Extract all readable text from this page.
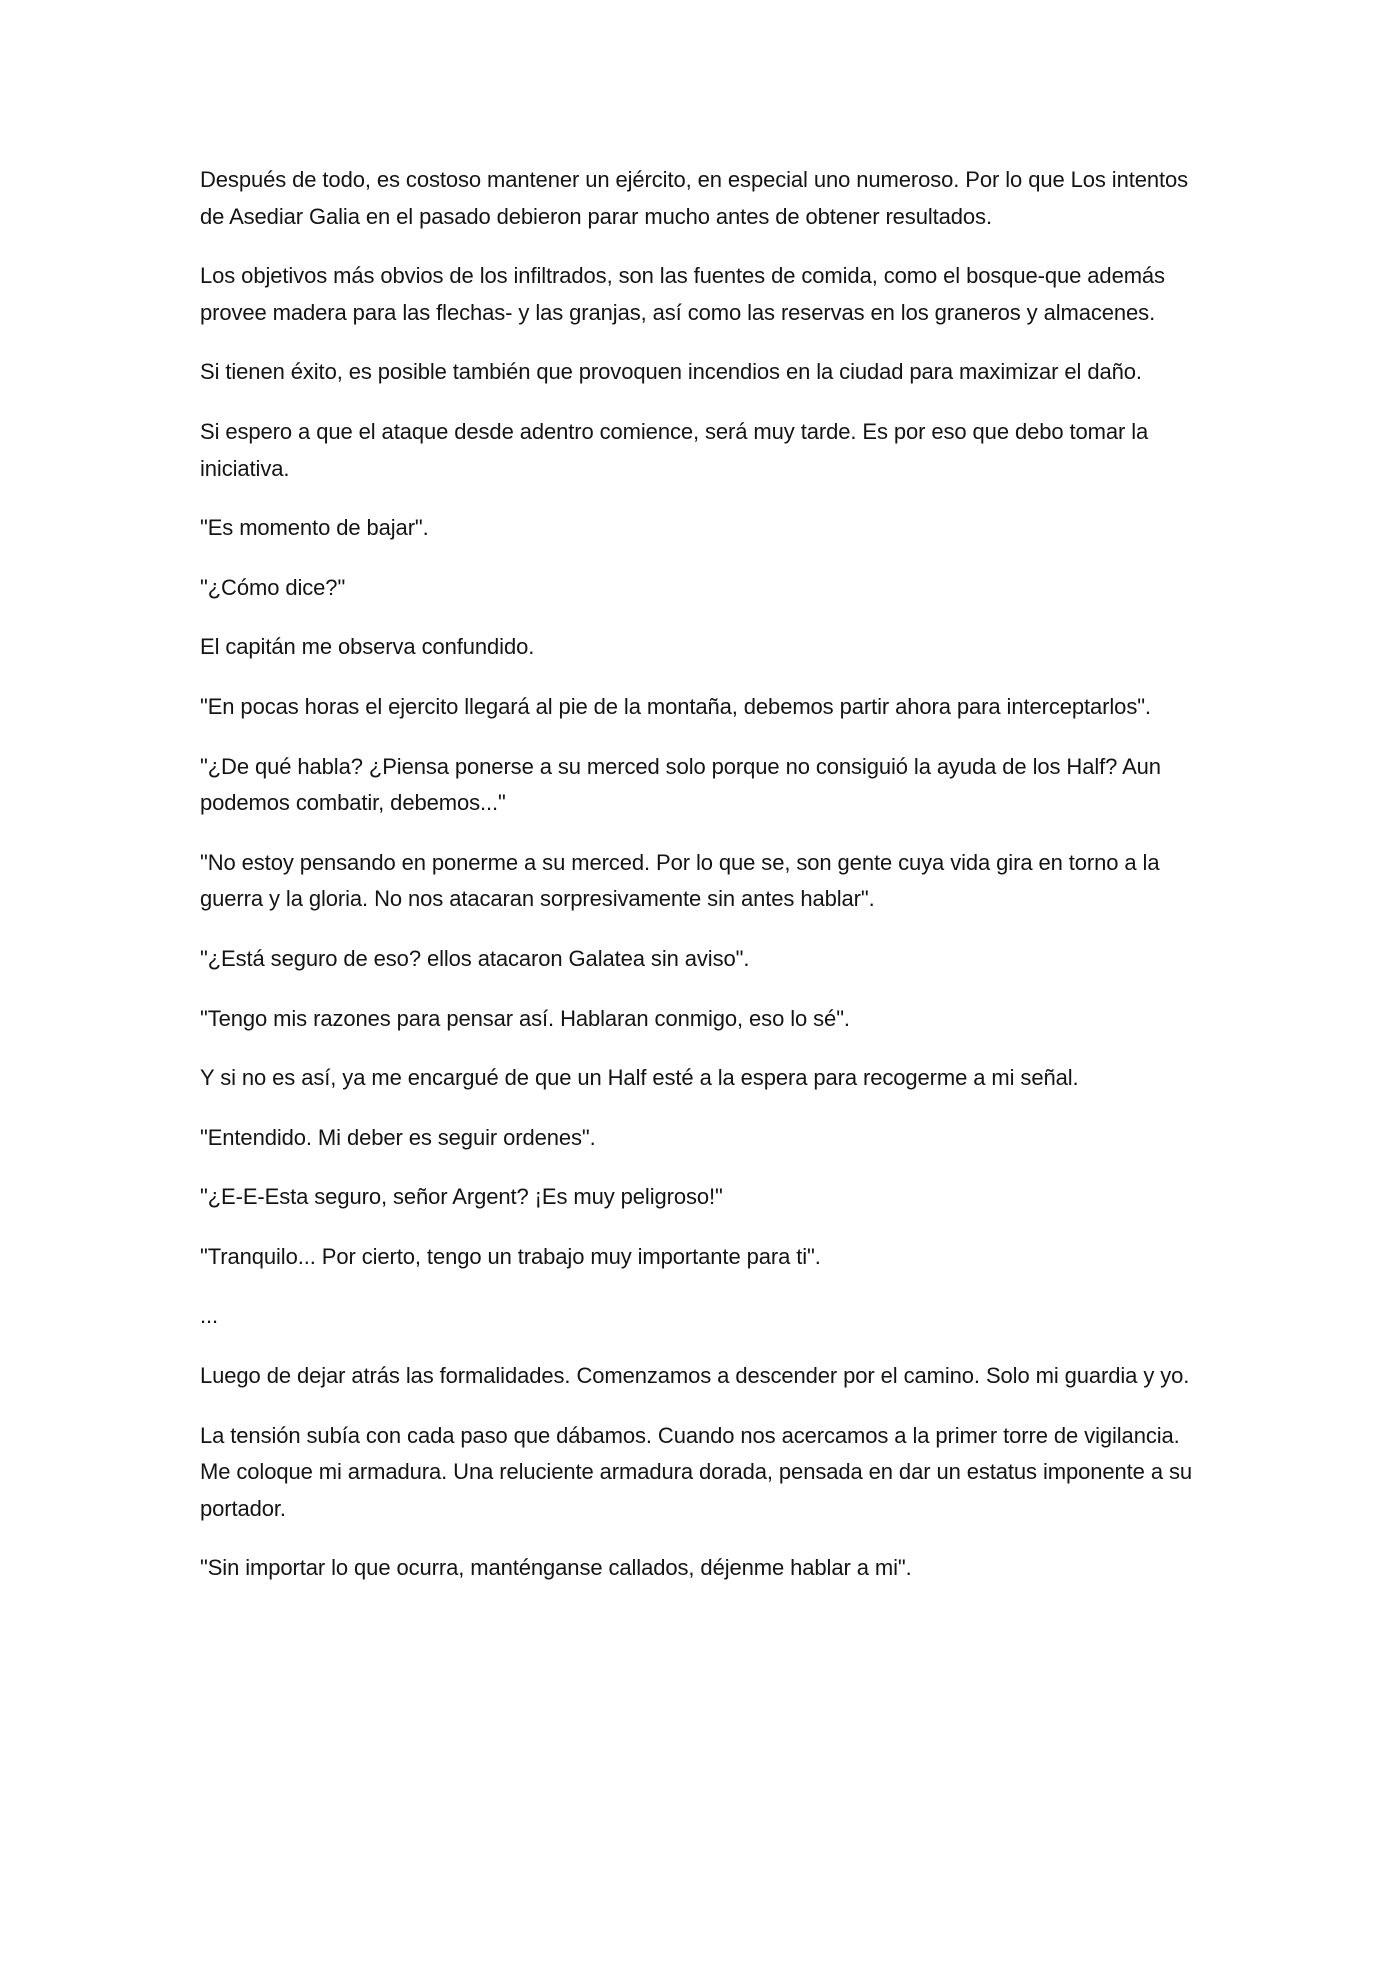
Después de todo, es costoso mantener un ejército, en especial uno numeroso. Por lo que Los intentos de Asediar Galia en el pasado debieron parar mucho antes de obtener resultados.

Los objetivos más obvios de los infiltrados, son las fuentes de comida, como el bosque-que además provee madera para las flechas- y las granjas, así como las reservas en los graneros y almacenes.

Si tienen éxito, es posible también que provoquen incendios en la ciudad para maximizar el daño.

Si espero a que el ataque desde adentro comience, será muy tarde. Es por eso que debo tomar la iniciativa.

"Es momento de bajar".

"¿Cómo dice?"

El capitán me observa confundido.

"En pocas horas el ejercito llegará al pie de la montaña, debemos partir ahora para interceptarlos".

"¿De qué habla? ¿Piensa ponerse a su merced solo porque no consiguió la ayuda de los Half? Aun podemos combatir, debemos..."

"No estoy pensando en ponerme a su merced. Por lo que se, son gente cuya vida gira en torno a la guerra y la gloria. No nos atacaran sorpresivamente sin antes hablar".

"¿Está seguro de eso? ellos atacaron Galatea sin aviso".

"Tengo mis razones para pensar así. Hablaran conmigo, eso lo sé".

Y si no es así, ya me encargué de que un Half esté a la espera para recogerme a mi señal.

"Entendido. Mi deber es seguir ordenes".

"¿E-E-Esta seguro, señor Argent? ¡Es muy peligroso!"

"Tranquilo... Por cierto, tengo un trabajo muy importante para ti".

...

Luego de dejar atrás las formalidades. Comenzamos a descender por el camino. Solo mi guardia y yo.

La tensión subía con cada paso que dábamos. Cuando nos acercamos a la primer torre de vigilancia. Me coloque mi armadura. Una reluciente armadura dorada, pensada en dar un estatus imponente a su portador.

"Sin importar lo que ocurra, manténganse callados, déjenme hablar a mi".
